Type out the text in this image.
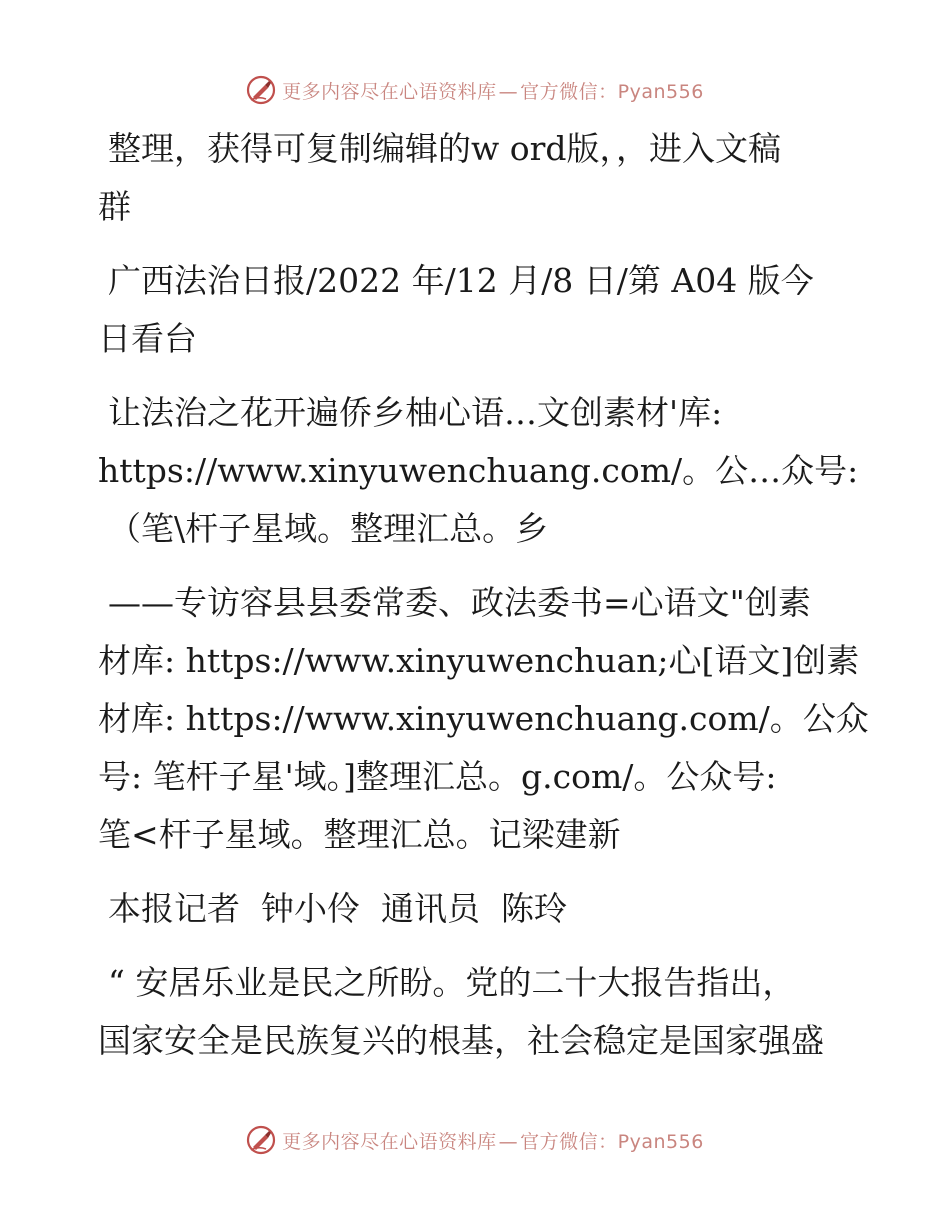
更多内容尽在心语资料库 — 官方微信：Pyan556

整理，获得可复制编辑的w ord版，，进入文稿
群

广西法治日报/2022 年/12 月/8 日/第 A04 版今
日看台

让法治之花开遍侨乡柚心语…文创素材'库:
https://www.xinyuwenchuang.com/。公…众号:
（笔\杆子星域。整理汇总。乡

——专访容县县委常委、政法委书=心语文"创素
材库: https://www.xinyuwenchuan;心[语文]创素
材库: https://www.xinyuwenchuang.com/。公众
号: 笔杆子星'域。]整理汇总。g.com/。公众号:
笔<杆子星域。整理汇总。记梁建新

本报记者  钟小伶  通讯员  陈玲

“ 安居乐业是民之所盼。党的二十大报告指出，
国家安全是民族复兴的根基，社会稳定是国家强盛

更多内容尽在心语资料库 — 官方微信：Pyan556
